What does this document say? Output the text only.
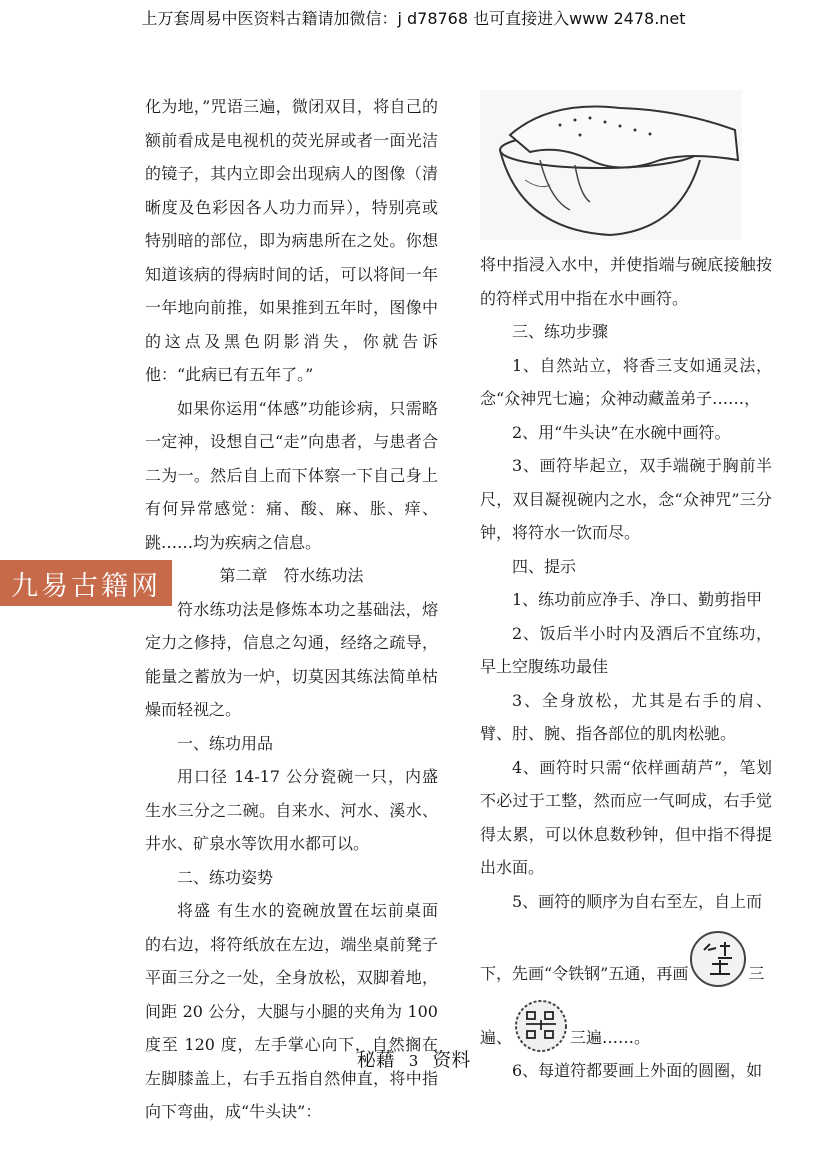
上万套周易中医资料古籍请加微信：j d78768 也可直接进入www 2478.net
九易古籍网

化为地，”咒语三遍，微闭双目，将自己的额前看成是电视机的荧光屏或者一面光洁的镜子，其内立即会出现病人的图像（清晰度及色彩因各人功力而异），特别亮或特别暗的部位，即为病患所在之处。你想知道该病的得病时间的话，可以将间一年一年地向前推，如果推到五年时，图像中的这点及黑色阴影消失，你就告诉他：“此病已有五年了。”

如果你运用“体感”功能诊病，只需略一定神，设想自己“走”向患者，与患者合二为一。然后自上而下体察一下自己身上有何异常感觉：痛、酸、麻、胀、痒、跳……均为疾病之信息。

第二章　符水练功法

符水练功法是修炼本功之基础法，熔定力之修持，信息之勾通，经络之疏导，能量之蓄放为一炉，切莫因其练法简单枯燥而轻视之。

一、练功用品

用口径 14-17 公分瓷碗一只，内盛生水三分之二碗。自来水、河水、溪水、井水、矿泉水等饮用水都可以。

二、练功姿势

将盛 有生水的瓷碗放置在坛前桌面的右边，将符纸放在左边，端坐桌前凳子平面三分之一处，全身放松，双脚着地，间距 20 公分，大腿与小腿的夹角为 100 度至 120 度，左手掌心向下，自然搁在左脚膝盖上，右手五指自然伸直，将中指向下弯曲，成“牛头诀”：

将中指浸入水中，并使指端与碗底接触按的符样式用中指在水中画符。

三、练功步骤

1、自然站立，将香三支如通灵法，念“众神咒七遍；众神动藏盖弟子……，

2、用“牛头诀”在水碗中画符。

3、画符毕起立，双手端碗于胸前半尺，双目凝视碗内之水，念“众神咒”三分钟，将符水一饮而尽。

四、提示

1、练功前应净手、净口、勤剪指甲

2、饭后半小时内及酒后不宜练功，早上空腹练功最佳

3、全身放松，尤其是右手的肩、臂、肘、腕、指各部位的肌肉松驰。

4、画符时只需“依样画葫芦”，笔划不必过于工整，然而应一气呵成，右手觉得太累，可以休息数秒钟，但中指不得提出水面。

5、画符的顺序为自右至左，自上而

下，先画“令铁钢”五通，再画	三
遍、	三遍……。

6、每道符都要画上外面的圆圈，如

秘藉 3 资料
